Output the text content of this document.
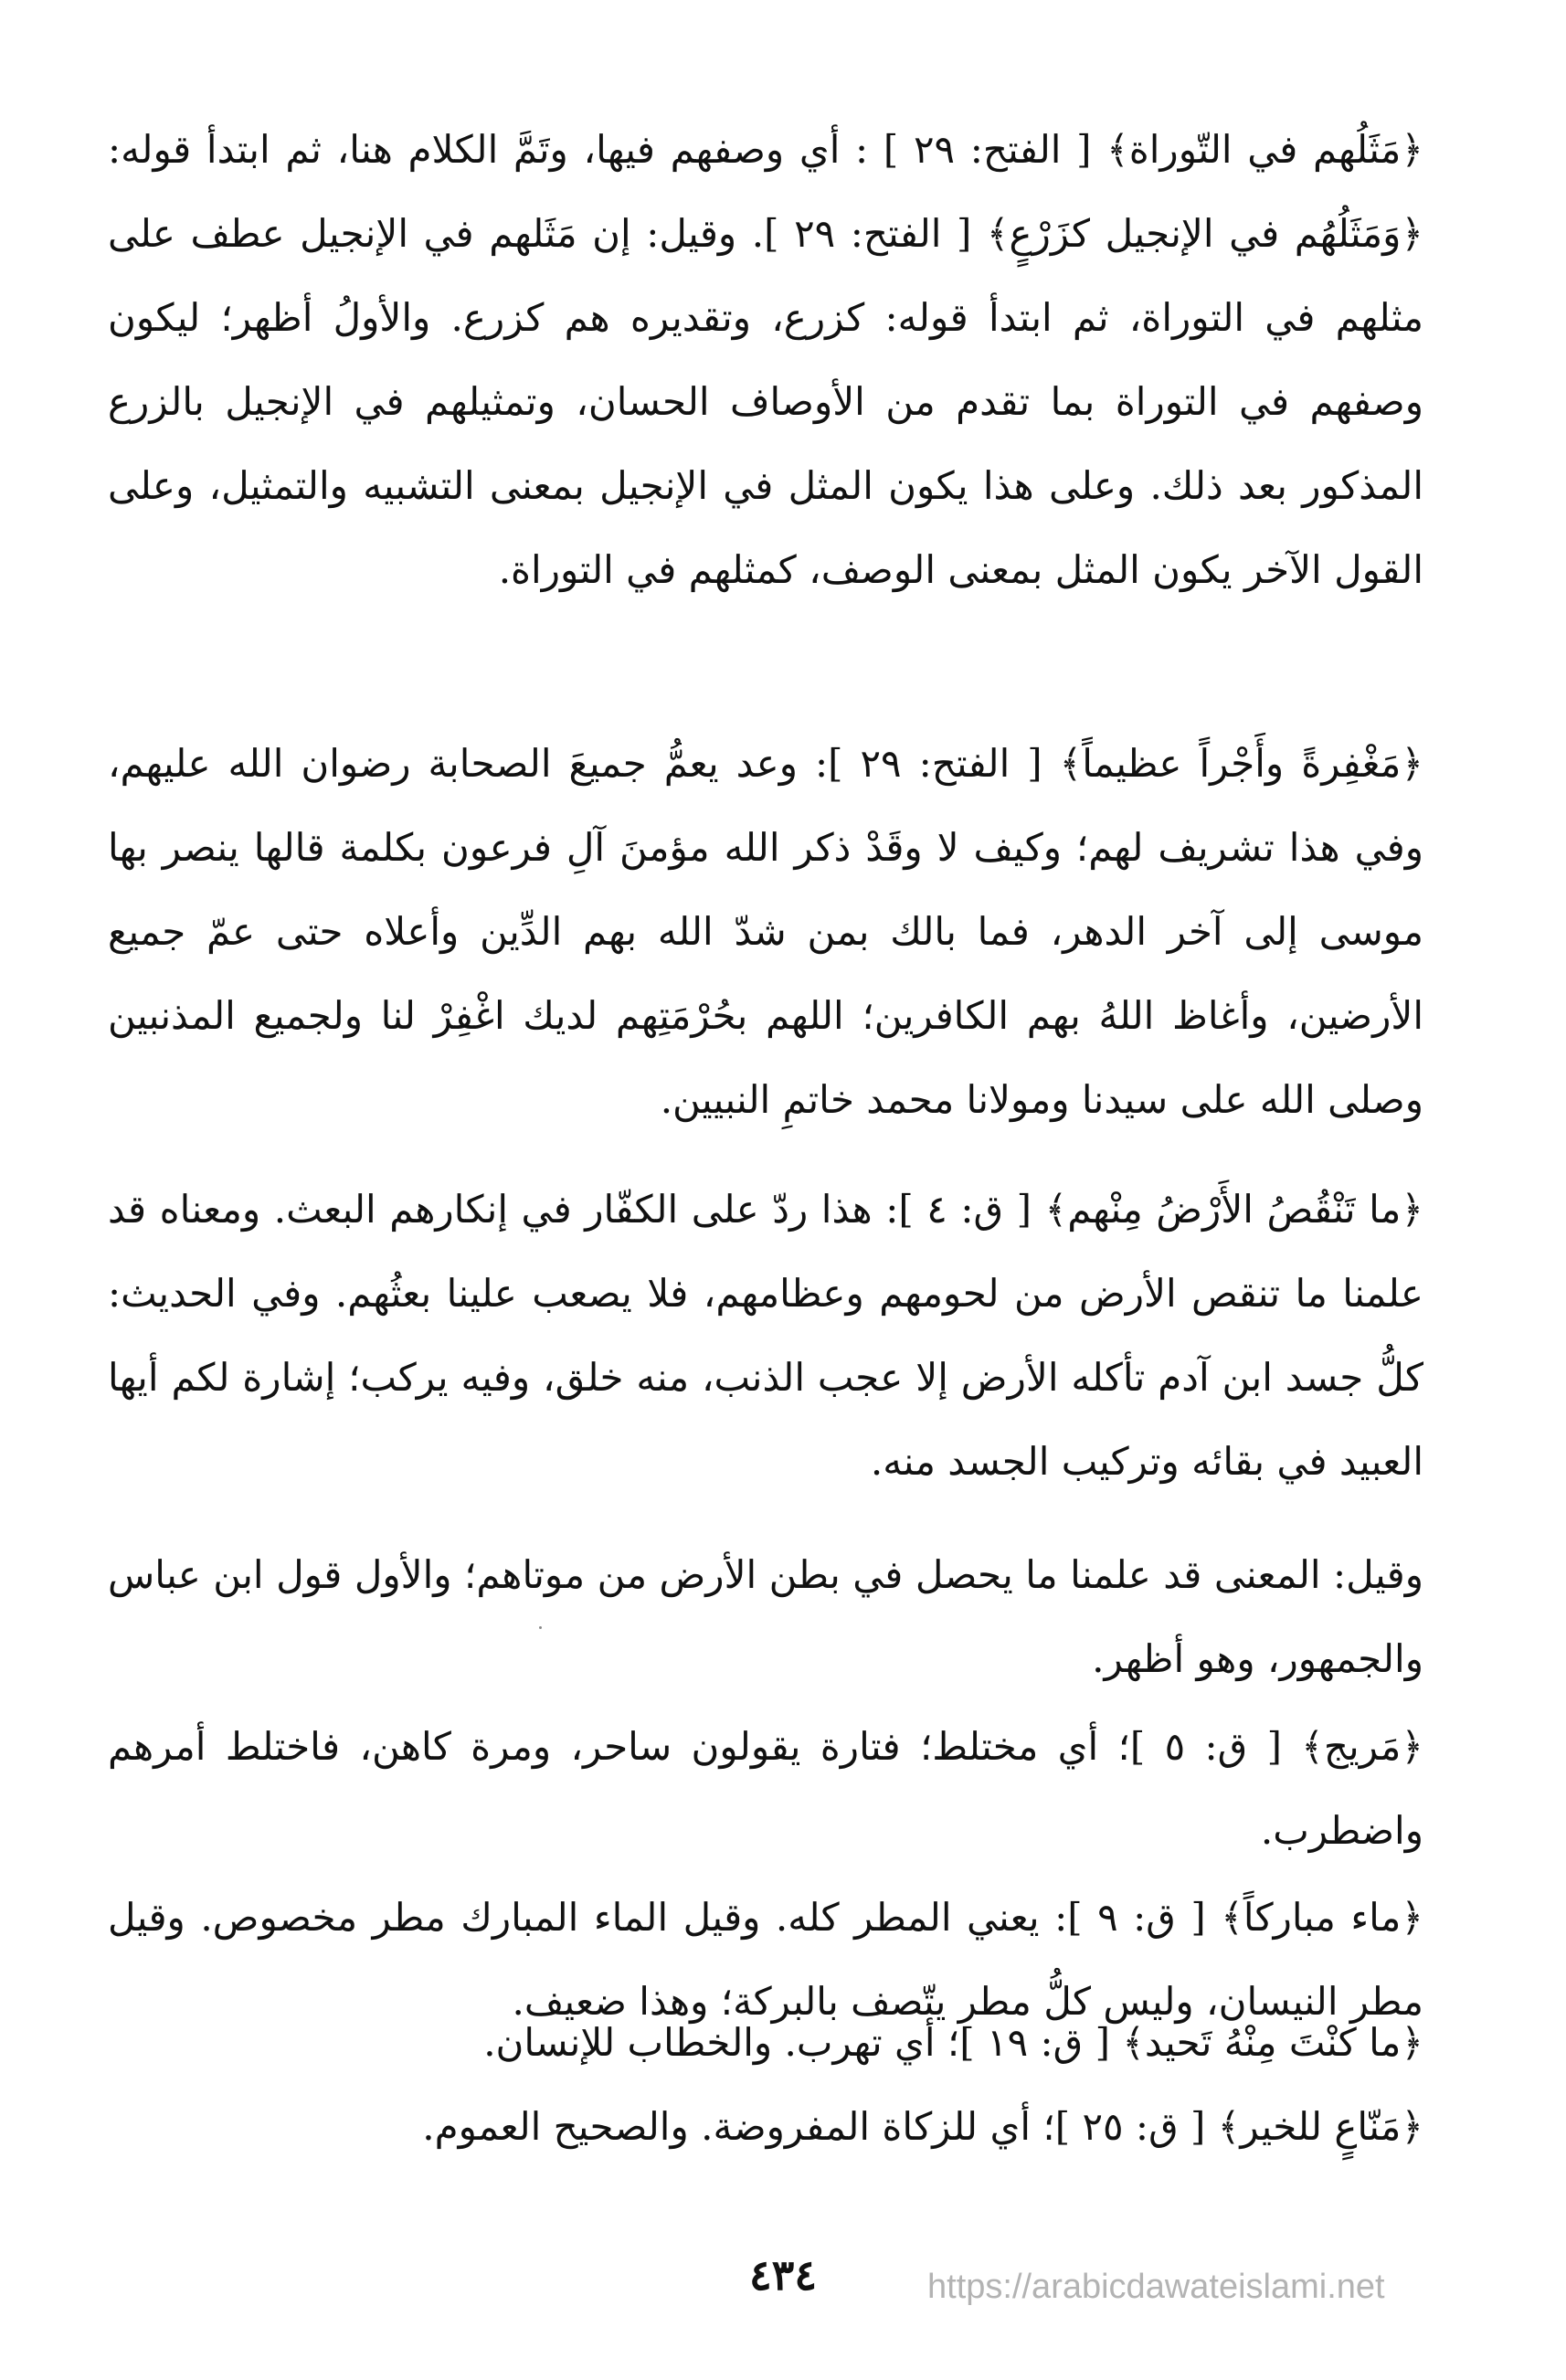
﴿مَثَلُهم في التّوراة﴾ [ الفتح: ٢٩ ] : أي وصفهم فيها، وتَمَّ الكلام هنا، ثم ابتدأ قوله: ﴿وَمَثَلُهُم في الإنجيل كزَرْعٍ﴾ [ الفتح: ٢٩ ]. وقيل: إن مَثَلهم في الإنجيل عطف على مثلهم في التوراة، ثم ابتدأ قوله: كزرع، وتقديره هم كزرع. والأولُ أظهر؛ ليكون وصفهم في التوراة بما تقدم من الأوصاف الحسان، وتمثيلهم في الإنجيل بالزرع المذكور بعد ذلك. وعلى هذا يكون المثل في الإنجيل بمعنى التشبيه والتمثيل، وعلى القول الآخر يكون المثل بمعنى الوصف، كمثلهم في التوراة.

﴿مَغْفِرةً وأَجْراً عظيماً﴾ [ الفتح: ٢٩ ]: وعد يعمُّ جميعَ الصحابة رضوان الله عليهم، وفي هذا تشريف لهم؛ وكيف لا وقَدْ ذكر الله مؤمنَ آلِ فرعون بكلمة قالها ينصر بها موسى إلى آخر الدهر، فما بالك بمن شدّ الله بهم الدِّين وأعلاه حتى عمّ جميع الأرضين، وأغاظ اللهُ بهم الكافرين؛ اللهم بحُرْمَتِهم لديك اغْفِرْ لنا ولجميع المذنبين وصلى الله على سيدنا ومولانا محمد خاتمِ النبيين.

﴿ما تَنْقُصُ الأَرْضُ مِنْهم﴾ [ ق: ٤ ]: هذا ردّ على الكفّار في إنكارهم البعث. ومعناه قد علمنا ما تنقص الأرض من لحومهم وعظامهم، فلا يصعب علينا بعثُهم. وفي الحديث: كلُّ جسد ابن آدم تأكله الأرض إلا عجب الذنب، منه خلق، وفيه يركب؛ إشارة لكم أيها العبيد في بقائه وتركيب الجسد منه.

وقيل: المعنى قد علمنا ما يحصل في بطن الأرض من موتاهم؛ والأول قول ابن عباس والجمهور، وهو أظهر.

﴿مَريج﴾ [ ق: ٥ ]؛ أي مختلط؛ فتارة يقولون ساحر، ومرة كاهن، فاختلط أمرهم واضطرب.

﴿ماء مباركاً﴾ [ ق: ٩ ]: يعني المطر كله. وقيل الماء المبارك مطر مخصوص. وقيل مطر النيسان، وليس كلُّ مطر يتّصف بالبركة؛ وهذا ضعيف.

﴿ما كنْتَ مِنْهُ تَحيد﴾ [ ق: ١٩ ]؛ أي تهرب. والخطاب للإنسان.

﴿مَنّاعٍ للخير﴾ [ ق: ٢٥ ]؛ أي للزكاة المفروضة. والصحيح العموم.

٤٣٤	https://arabicdawateislami.net
